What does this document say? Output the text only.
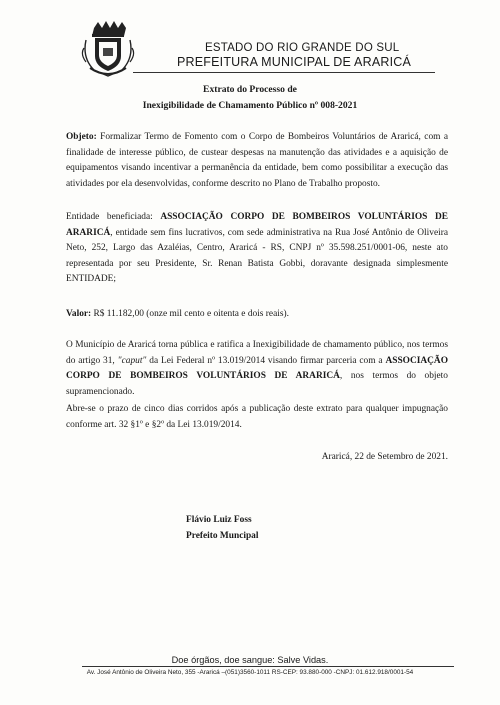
ESTADO DO RIO GRANDE DO SUL
PREFEITURA MUNICIPAL DE ARARICÁ
Extrato do Processo de
Inexigibilidade de Chamamento Público nº 008-2021
Objeto: Formalizar Termo de Fomento com o Corpo de Bombeiros Voluntários de Araricá, com a finalidade de interesse público, de custear despesas na manutenção das atividades e a aquisição de equipamentos visando incentivar a permanência da entidade, bem como possibilitar a execução das atividades por ela desenvolvidas, conforme descrito no Plano de Trabalho proposto.
Entidade beneficiada: ASSOCIAÇÃO CORPO DE BOMBEIROS VOLUNTÁRIOS DE ARARICÁ, entidade sem fins lucrativos, com sede administrativa na Rua José Antônio de Oliveira Neto, 252, Largo das Azaléias, Centro, Araricá - RS, CNPJ nº 35.598.251/0001-06, neste ato representada por seu Presidente, Sr. Renan Batista Gobbi, doravante designada simplesmente ENTIDADE;
Valor: R$ 11.182,00 (onze mil cento e oitenta e dois reais).
O Município de Araricá torna pública e ratifica a Inexigibilidade de chamamento público, nos termos do artigo 31, "caput" da Lei Federal nº 13.019/2014 visando firmar parceria com a ASSOCIAÇÃO CORPO DE BOMBEIROS VOLUNTÁRIOS DE ARARICÁ, nos termos do objeto supramencionado.
Abre-se o prazo de cinco dias corridos após a publicação deste extrato para qualquer impugnação conforme art. 32 §1º e §2º da Lei 13.019/2014.
Araricá, 22 de Setembro de 2021.
Flávio Luiz Foss
Prefeito Muncipal
Doe órgãos, doe sangue: Salve Vidas.
Av. José Antônio de Oliveira Neto, 355 -Araricá –(051)3560-1011 RS-CEP: 93.880-000 -CNPJ: 01.612.918/0001-54
